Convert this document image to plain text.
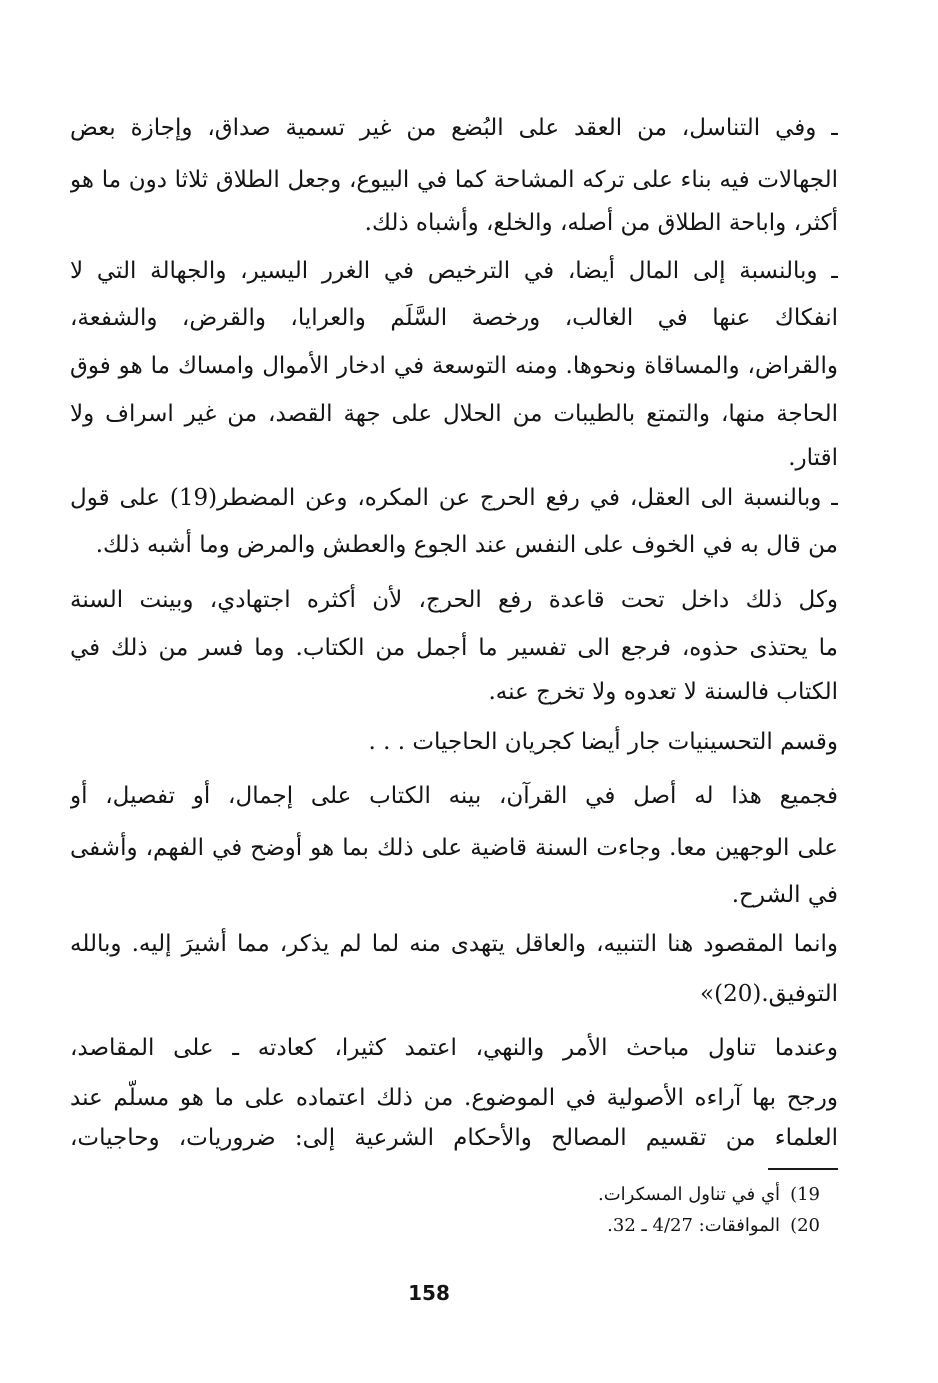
ـ وفي التناسل، من العقد على البُضع من غير تسمية صداق، وإجازة بعض
الجهالات فيه بناء على تركه المشاحة كما في البيوع، وجعل الطلاق ثلاثا دون ما هو
أكثر، واباحة الطلاق من أصله، والخلع، وأشباه ذلك.
ـ وبالنسبة إلى المال أيضا، في الترخيص في الغرر اليسير، والجهالة التي لا
انفكاك عنها في الغالب، ورخصة السَّلَم والعرايا، والقرض، والشفعة،
والقراض، والمساقاة ونحوها. ومنه التوسعة في ادخار الأموال وامساك ما هو فوق
الحاجة منها، والتمتع بالطيبات من الحلال على جهة القصد، من غير اسراف ولا
اقتار.
ـ وبالنسبة الى العقل، في رفع الحرج عن المكره، وعن المضطر(19) على قول
من قال به في الخوف على النفس عند الجوع والعطش والمرض وما أشبه ذلك.
وكل ذلك داخل تحت قاعدة رفع الحرج، لأن أكثره اجتهادي، وبينت السنة
ما يحتذى حذوه، فرجع الى تفسير ما أجمل من الكتاب. وما فسر من ذلك في
الكتاب فالسنة لا تعدوه ولا تخرج عنه.
وقسم التحسينيات جار أيضا كجريان الحاجيات . . .
فجميع هذا له أصل في القرآن، بينه الكتاب على إجمال، أو تفصيل، أو
على الوجهين معا. وجاءت السنة قاضية على ذلك بما هو أوضح في الفهم، وأشفى
في الشرح.
وانما المقصود هنا التنبيه، والعاقل يتهدى منه لما لم يذكر، مما أشيرَ إليه. وبالله
التوفيق.(20)»
وعندما تناول مباحث الأمر والنهي، اعتمد كثيرا، كعادته ـ على المقاصد،
ورجح بها آراءه الأصولية في الموضوع. من ذلك اعتماده على ما هو مسلّم عند
العلماء من تقسيم المصالح والأحكام الشرعية إلى: ضروريات، وحاجيات،
19)أي في تناول المسكرات.
20)الموافقات: 4/27 ـ 32.
158
